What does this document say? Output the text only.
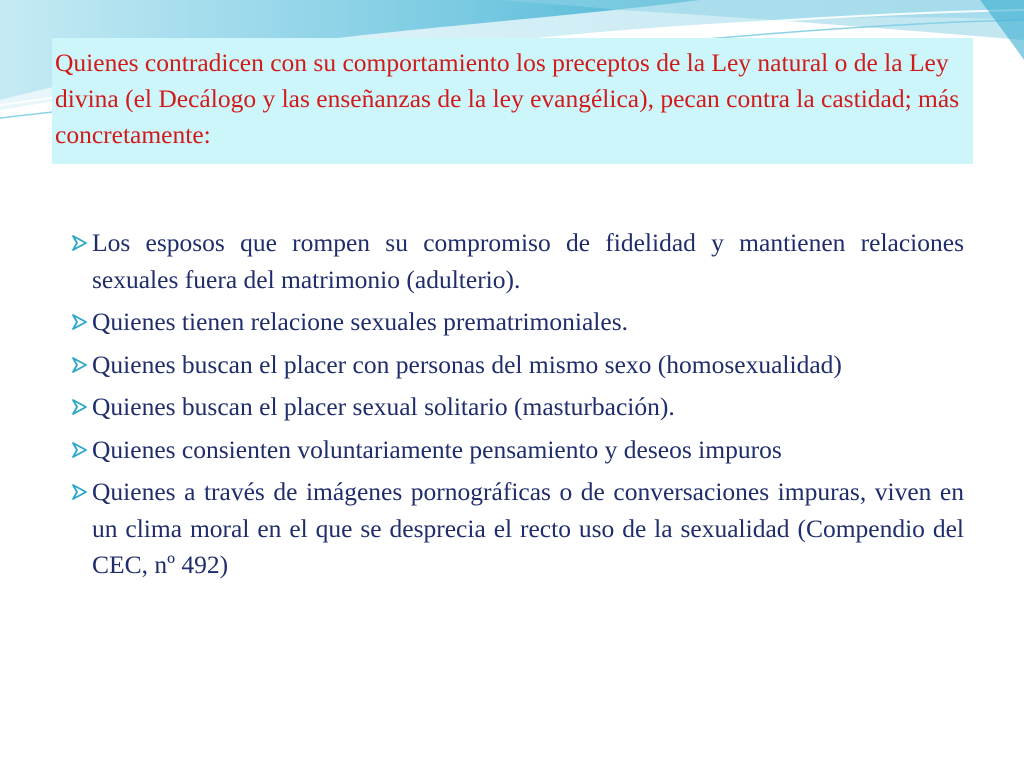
Quienes contradicen con su comportamiento los preceptos de la Ley natural o de la Ley divina (el Decálogo y las enseñanzas de la ley evangélica), pecan contra la castidad; más concretamente:

Los esposos que rompen su compromiso de fidelidad y mantienen relaciones sexuales fuera del matrimonio (adulterio).
Quienes tienen relacione sexuales prematrimoniales.
Quienes buscan el placer con personas del mismo sexo (homosexualidad)
Quienes buscan el placer sexual solitario (masturbación).
Quienes consienten voluntariamente pensamiento y deseos impuros
Quienes a través de imágenes pornográficas o de conversaciones impuras, viven en un clima moral en el que se desprecia el recto uso de la sexualidad (Compendio del CEC, nº 492)
